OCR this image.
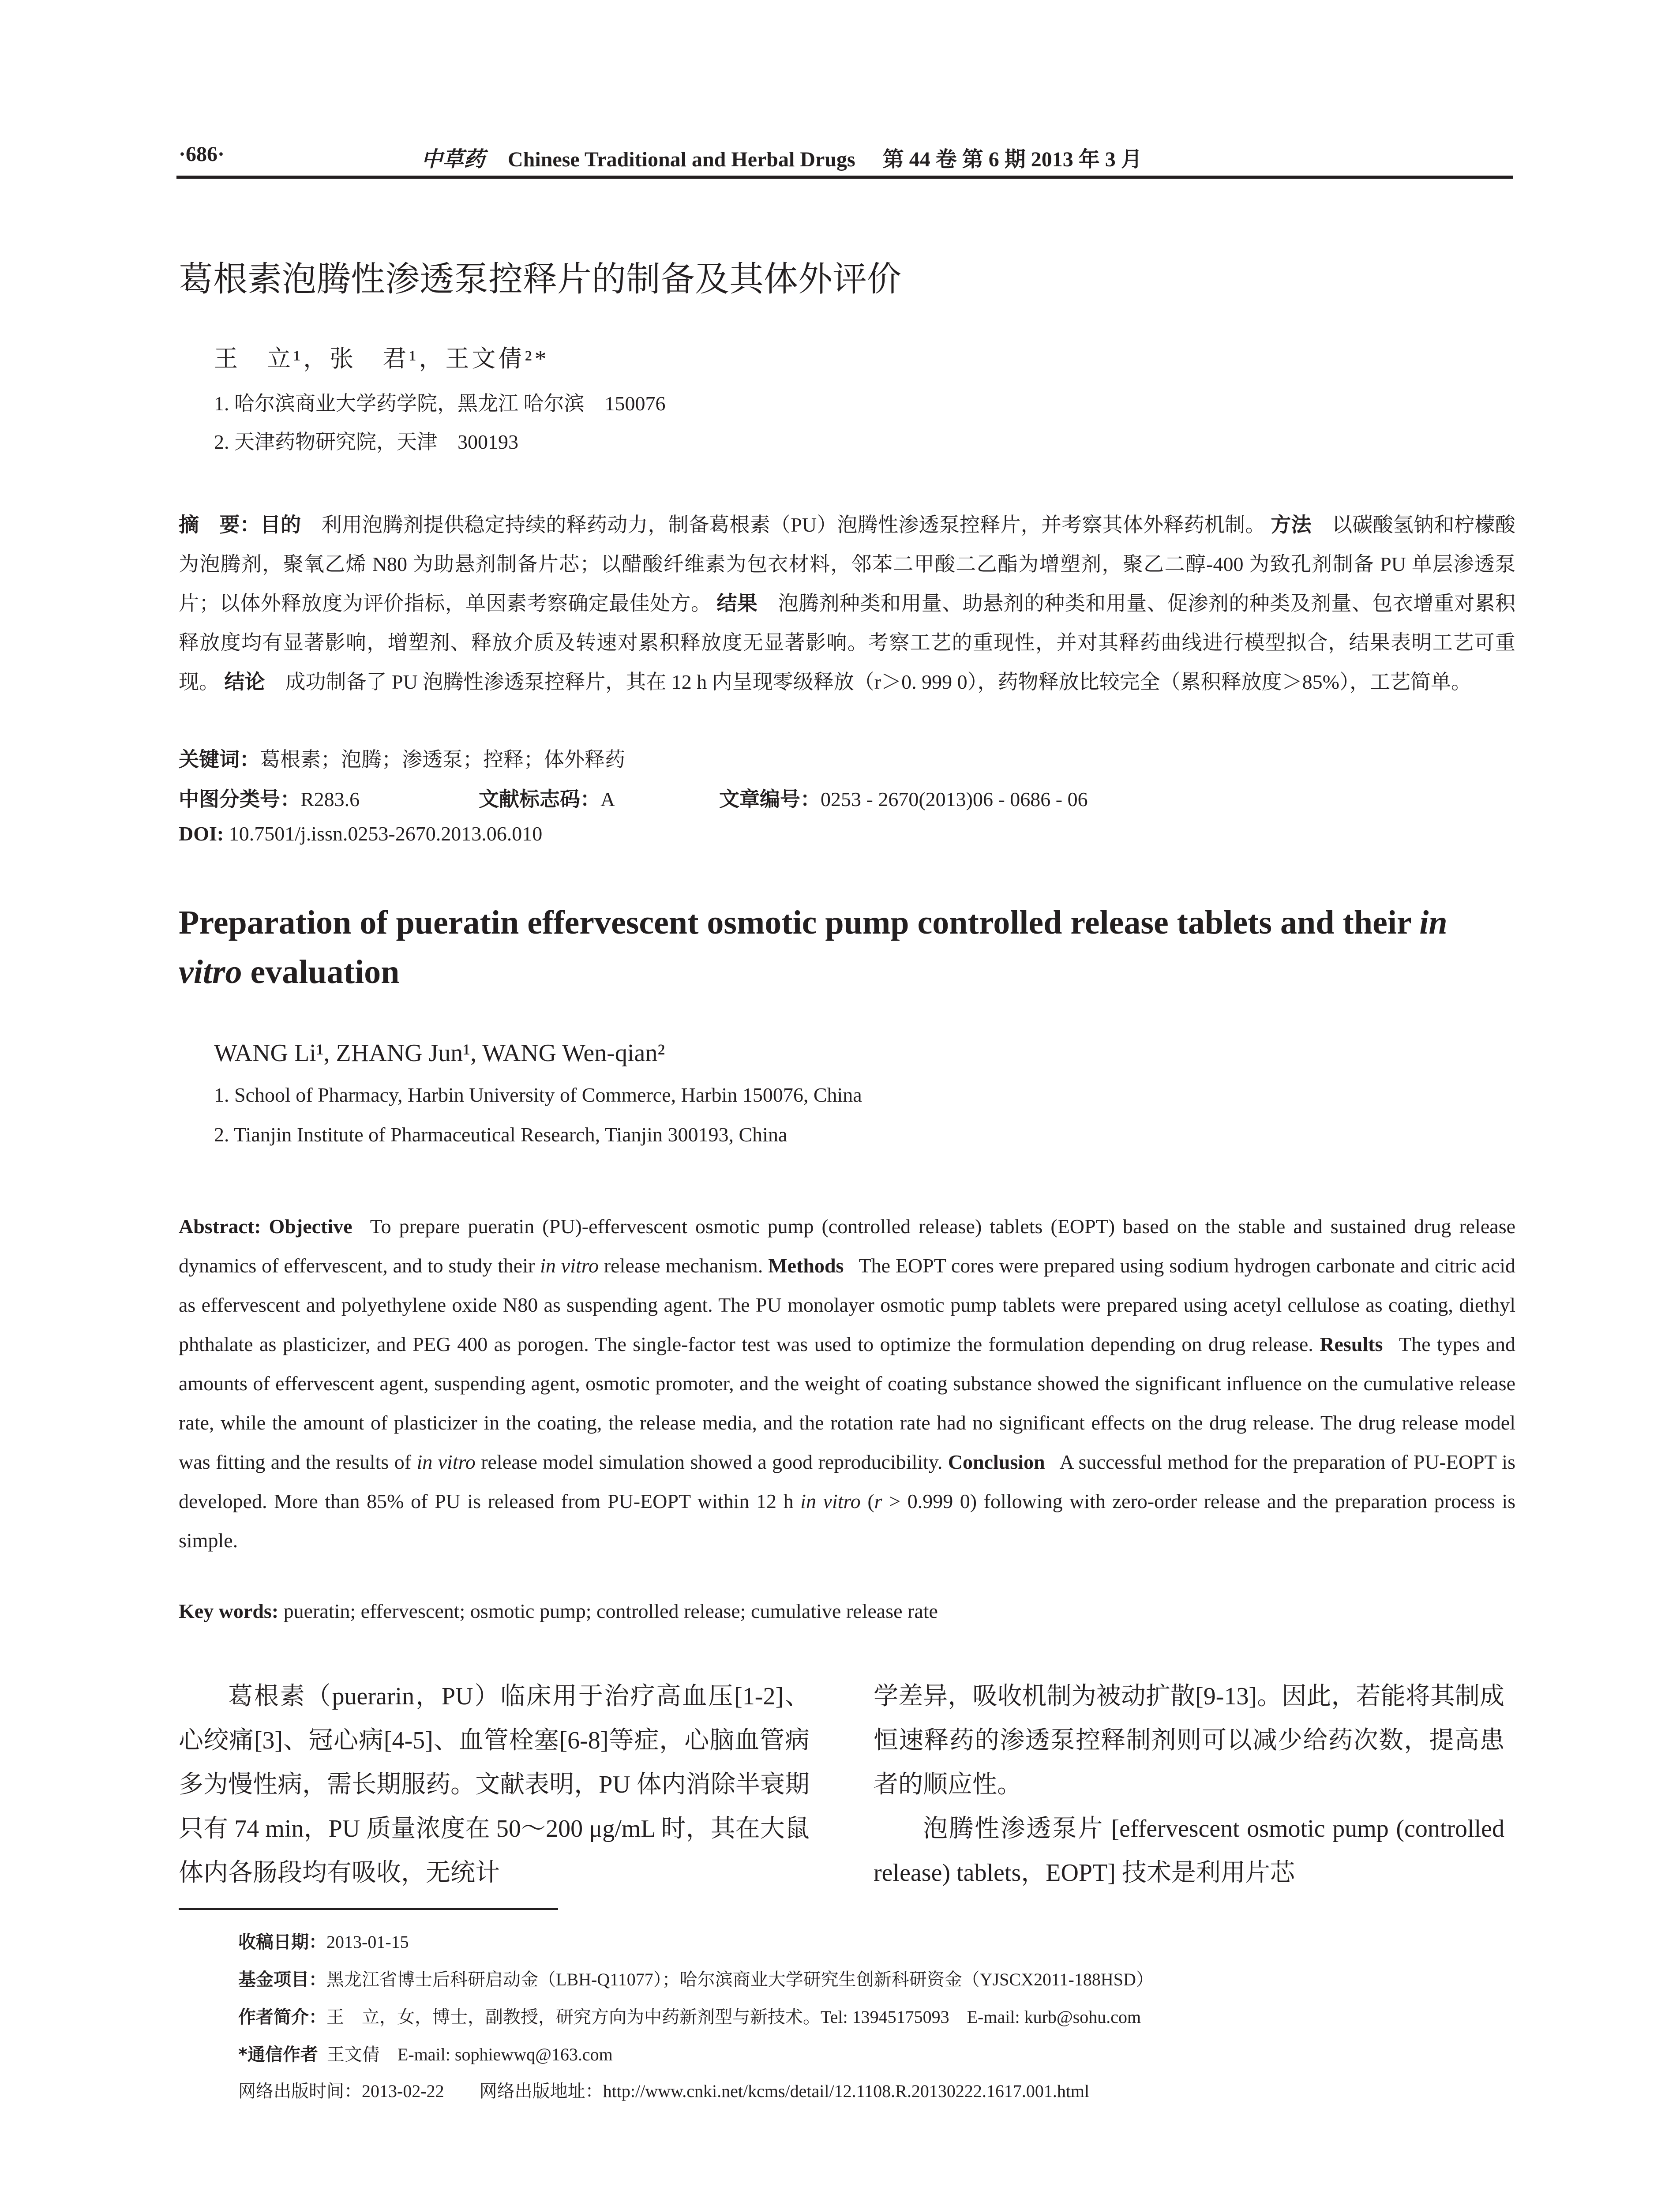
·686·	中草药 Chinese Traditional and Herbal Drugs 第 44 卷 第 6 期 2013 年 3 月
葛根素泡腾性渗透泵控释片的制备及其体外评价
王　立¹，张　君¹，王文倩²*
1. 哈尔滨商业大学药学院，黑龙江 哈尔滨　150076
2. 天津药物研究院，天津　300193
摘　要：目的  利用泡腾剂提供稳定持续的释药动力，制备葛根素（PU）泡腾性渗透泵控释片，并考察其体外释药机制。 方法  以碳酸氢钠和柠檬酸为泡腾剂，聚氧乙烯 N80 为助悬剂制备片芯；以醋酸纤维素为包衣材料，邻苯二甲酸二乙酯为增塑剂，聚乙二醇-400 为致孔剂制备 PU 单层渗透泵片；以体外释放度为评价指标，单因素考察确定最佳处方。 结果  泡腾剂种类和用量、助悬剂的种类和用量、促渗剂的种类及剂量、包衣增重对累积释放度均有显著影响，增塑剂、释放介质及转速对累积释放度无显著影响。考察工艺的重现性，并对其释药曲线进行模型拟合，结果表明工艺可重现。 结论  成功制备了 PU 泡腾性渗透泵控释片，其在 12 h 内呈现零级释放（r＞0. 999 0），药物释放比较完全（累积释放度＞85%），工艺简单。
关键词：葛根素；泡腾；渗透泵；控释；体外释药
中图分类号：R283.6	文献标志码：A	文章编号：0253 - 2670(2013)06 - 0686 - 06
DOI: 10.7501/j.issn.0253-2670.2013.06.010
Preparation of pueratin effervescent osmotic pump controlled release tablets and their in vitro evaluation
WANG Li¹, ZHANG Jun¹, WANG Wen-qian²
1. School of Pharmacy, Harbin University of Commerce, Harbin 150076, China
2. Tianjin Institute of Pharmaceutical Research, Tianjin 300193, China
Abstract: Objective  To prepare pueratin (PU)-effervescent osmotic pump (controlled release) tablets (EOPT) based on the stable and sustained drug release dynamics of effervescent, and to study their in vitro release mechanism. Methods  The EOPT cores were prepared using sodium hydrogen carbonate and citric acid as effervescent and polyethylene oxide N80 as suspending agent. The PU monolayer osmotic pump tablets were prepared using acetyl cellulose as coating, diethyl phthalate as plasticizer, and PEG 400 as porogen. The single-factor test was used to optimize the formulation depending on drug release. Results  The types and amounts of effervescent agent, suspending agent, osmotic promoter, and the weight of coating substance showed the significant influence on the cumulative release rate, while the amount of plasticizer in the coating, the release media, and the rotation rate had no significant effects on the drug release. The drug release model was fitting and the results of in vitro release model simulation showed a good reproducibility. Conclusion  A successful method for the preparation of PU-EOPT is developed. More than 85% of PU is released from PU-EOPT within 12 h in vitro (r > 0.999 0) following with zero-order release and the preparation process is simple.
Key words: pueratin; effervescent; osmotic pump; controlled release; cumulative release rate
葛根素（puerarin，PU）临床用于治疗高血压[1-2]、心绞痛[3]、冠心病[4-5]、血管栓塞[6-8]等症，心脑血管病多为慢性病，需长期服药。文献表明，PU 体内消除半衰期只有 74 min，PU 质量浓度在 50～200 μg/mL 时，其在大鼠体内各肠段均有吸收，无统计
学差异，吸收机制为被动扩散[9-13]。因此，若能将其制成恒速释药的渗透泵控释制剂则可以减少给药次数，提高患者的顺应性。
泡腾性渗透泵片 [effervescent osmotic pump (controlled release) tablets，EOPT] 技术是利用片芯
收稿日期：2013-01-15
基金项目：黑龙江省博士后科研启动金（LBH-Q11077）；哈尔滨商业大学研究生创新科研资金（YJSCX2011-188HSD）
作者简介：王　立，女，博士，副教授，研究方向为中药新剂型与新技术。Tel: 13945175093　E-mail: kurb@sohu.com
*通信作者  王文倩　E-mail: sophiewwq@163.com
网络出版时间：2013-02-22　　网络出版地址：http://www.cnki.net/kcms/detail/12.1108.R.20130222.1617.001.html
